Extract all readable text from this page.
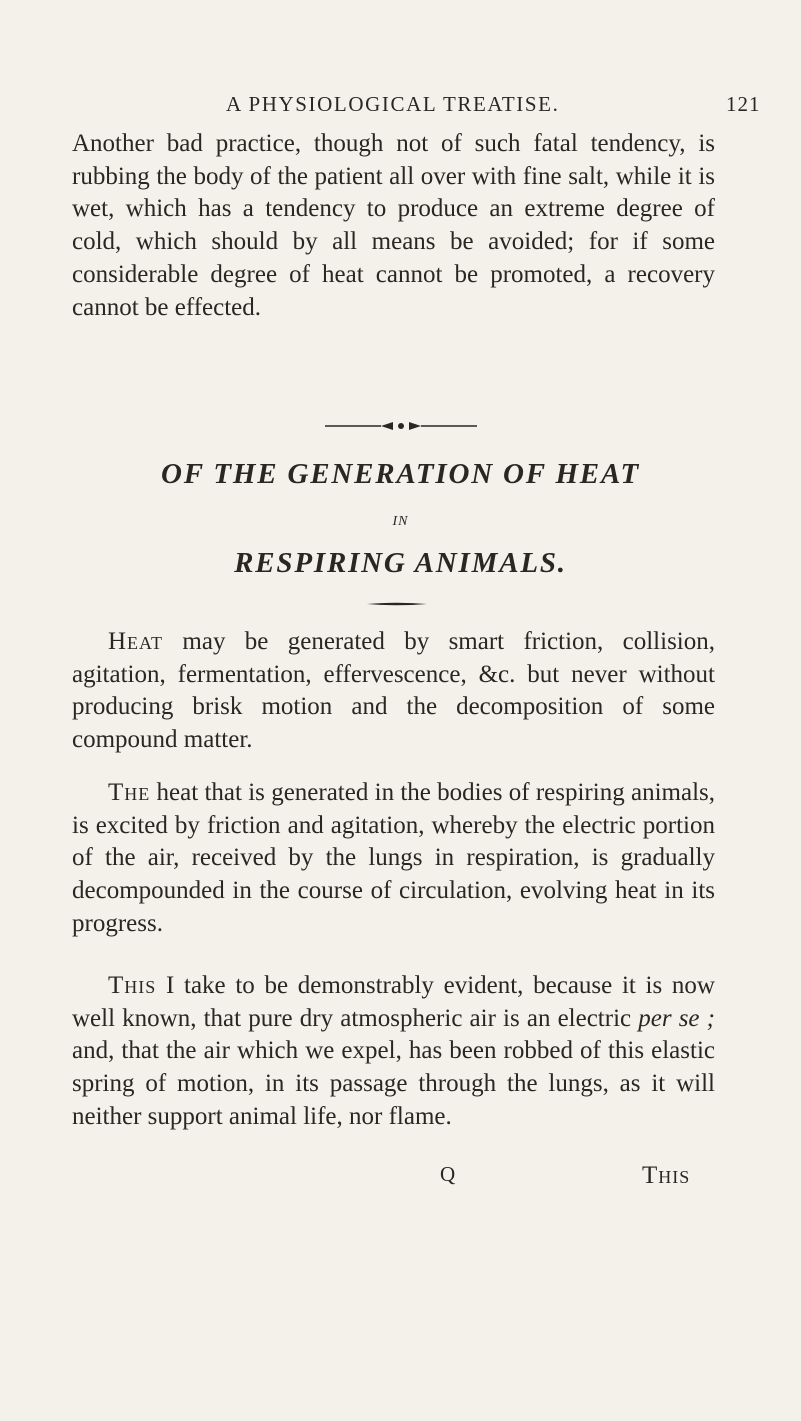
A PHYSIOLOGICAL TREATISE.	121

Another bad practice, though not of such fatal tendency, is rubbing the body of the patient all over with fine salt, while it is wet, which has a tendency to produce an extreme degree of cold, which should by all means be avoided; for if some considerable degree of heat cannot be promoted, a recovery cannot be effected.

OF THE GENERATION OF HEAT
IN
RESPIRING ANIMALS.

Heat may be generated by smart friction, collision, agitation, fermentation, effervescence, &c. but never without producing brisk motion and the decomposition of some compound matter.

The heat that is generated in the bodies of respiring animals, is excited by friction and agitation, whereby the electric portion of the air, received by the lungs in respiration, is gradually decompounded in the course of circulation, evolving heat in its progress.

This I take to be demonstrably evident, because it is now well known, that pure dry atmospheric air is an electric per se ; and, that the air which we expel, has been robbed of this elastic spring of motion, in its passage through the lungs, as it will neither support animal life, nor flame.

Q	This
